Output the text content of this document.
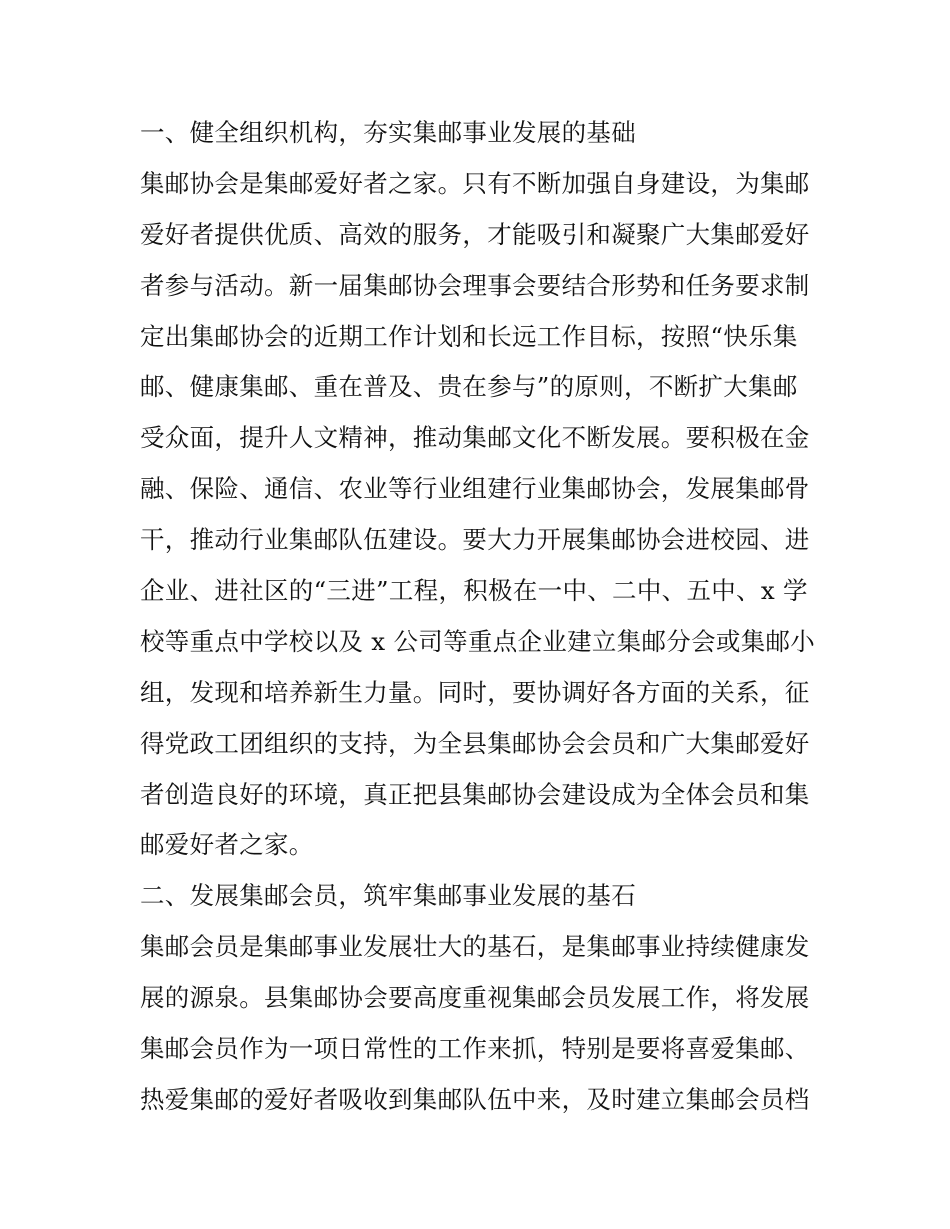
一、健全组织机构，夯实集邮事业发展的基础
集邮协会是集邮爱好者之家。只有不断加强自身建设，为集邮
爱好者提供优质、高效的服务，才能吸引和凝聚广大集邮爱好
者参与活动。新一届集邮协会理事会要结合形势和任务要求制
定出集邮协会的近期工作计划和长远工作目标，按照“快乐集
邮、健康集邮、重在普及、贵在参与”的原则，不断扩大集邮
受众面，提升人文精神，推动集邮文化不断发展。要积极在金
融、保险、通信、农业等行业组建行业集邮协会，发展集邮骨
干，推动行业集邮队伍建设。要大力开展集邮协会进校园、进
企业、进社区的“三进”工程，积极在一中、二中、五中、x 学
校等重点中学校以及 x 公司等重点企业建立集邮分会或集邮小
组，发现和培养新生力量。同时，要协调好各方面的关系，征
得党政工团组织的支持，为全县集邮协会会员和广大集邮爱好
者创造良好的环境，真正把县集邮协会建设成为全体会员和集
邮爱好者之家。
二、发展集邮会员，筑牢集邮事业发展的基石
集邮会员是集邮事业发展壮大的基石，是集邮事业持续健康发
展的源泉。县集邮协会要高度重视集邮会员发展工作，将发展
集邮会员作为一项日常性的工作来抓，特别是要将喜爱集邮、
热爱集邮的爱好者吸收到集邮队伍中来，及时建立集邮会员档
